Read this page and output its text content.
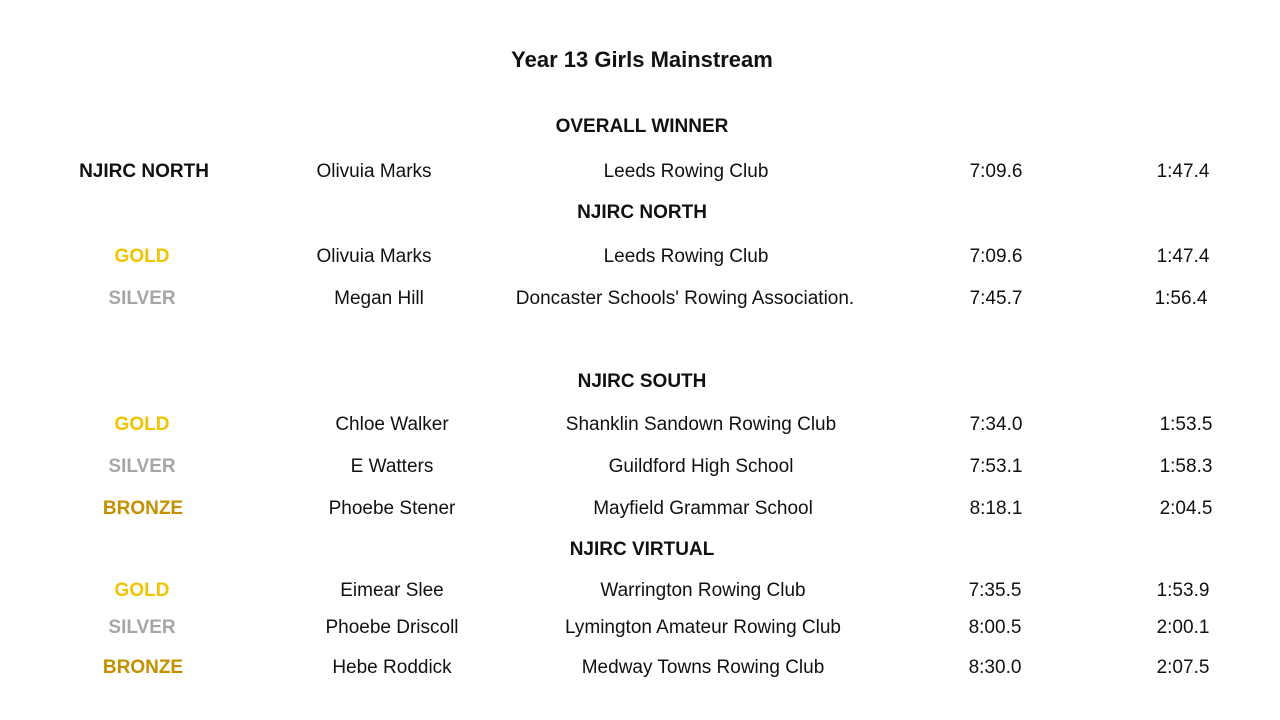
Year 13 Girls Mainstream
OVERALL WINNER
NJIRC NORTH	Olivuia Marks	Leeds Rowing Club	7:09.6	1:47.4
NJIRC NORTH
GOLD	Olivuia Marks	Leeds Rowing Club	7:09.6	1:47.4
SILVER	Megan Hill	Doncaster Schools' Rowing Association.	7:45.7	1:56.4
NJIRC SOUTH
GOLD	Chloe Walker	Shanklin Sandown Rowing Club	7:34.0	1:53.5
SILVER	E Watters	Guildford High School	7:53.1	1:58.3
BRONZE	Phoebe Stener	Mayfield Grammar School	8:18.1	2:04.5
NJIRC VIRTUAL
GOLD	Eimear Slee	Warrington Rowing Club	7:35.5	1:53.9
SILVER	Phoebe Driscoll	Lymington Amateur Rowing Club	8:00.5	2:00.1
BRONZE	Hebe Roddick	Medway Towns Rowing Club	8:30.0	2:07.5
